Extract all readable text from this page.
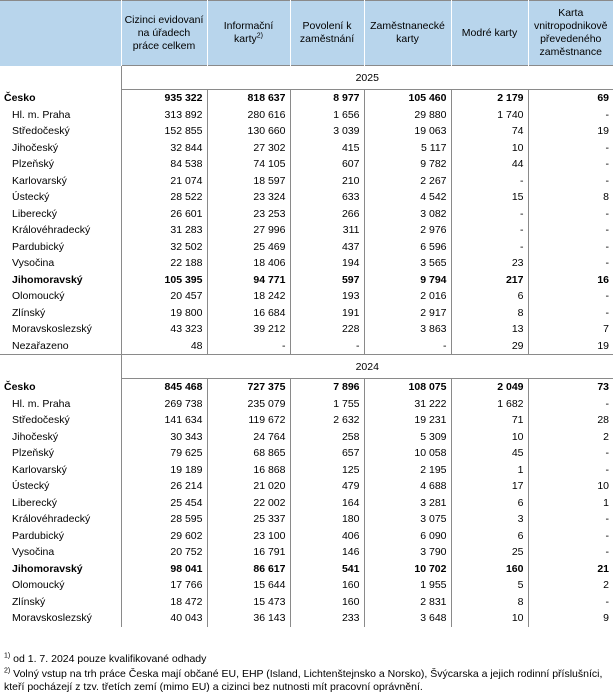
	Cizinci evidovaní na úřadech práce celkem	Informační karty$^{2)}$	Povolení k zaměstnání	Zaměstnanecké karty	Modré karty	Karta vnitropodnikově převedeného zaměstnance
	2025					
Česko	935 322	818 637	8 977	105 460	2 179	69
Hl. m. Praha	313 892	280 616	1 656	29 880	1 740	-
Středočeský	152 855	130 660	3 039	19 063	74	19
Jihočeský	32 844	27 302	415	5 117	10	-
Plzeňský	84 538	74 105	607	9 782	44	-
Karlovarský	21 074	18 597	210	2 267	-	-
Ústecký	28 522	23 324	633	4 542	15	8
Liberecký	26 601	23 253	266	3 082	-	-
Královéhradecký	31 283	27 996	311	2 976	-	-
Pardubický	32 502	25 469	437	6 596	-	-
Vysočina	22 188	18 406	194	3 565	23	-
Jihomoravský	105 395	94 771	597	9 794	217	16
Olomoucký	20 457	18 242	193	2 016	6	-
Zlínský	19 800	16 684	191	2 917	8	-
Moravskoslezský	43 323	39 212	228	3 863	13	7
Nezařazeno	48	-	-	-	29	19
	2024					
Česko	845 468	727 375	7 896	108 075	2 049	73
Hl. m. Praha	269 738	235 079	1 755	31 222	1 682	-
Středočeský	141 634	119 672	2 632	19 231	71	28
Jihočeský	30 343	24 764	258	5 309	10	2
Plzeňský	79 625	68 865	657	10 058	45	-
Karlovarský	19 189	16 868	125	2 195	1	-
Ústecký	26 214	21 020	479	4 688	17	10
Liberecký	25 454	22 002	164	3 281	6	1
Královéhradecký	28 595	25 337	180	3 075	3	-
Pardubický	29 602	23 100	406	6 090	6	-
Vysočina	20 752	16 791	146	3 790	25	-
Jihomoravský	98 041	86 617	541	10 702	160	21
Olomoucký	17 766	15 644	160	1 955	5	2
Zlínský	18 472	15 473	160	2 831	8	-
Moravskoslezský	40 043	36 143	233	3 648	10	9
$^{1)}$ od 1. 7. 2024 pouze kvalifikované odhady
$^{2)}$ Volný vstup na trh práce Česka mají občané EU, EHP (Island, Lichtenštejnsko a Norsko), Švýcarska a jejich rodinní příslušníci, kteří pocházejí z tzv. třetích zemí (mimo EU) a cizinci bez nutnosti mít pracovní oprávnění.
